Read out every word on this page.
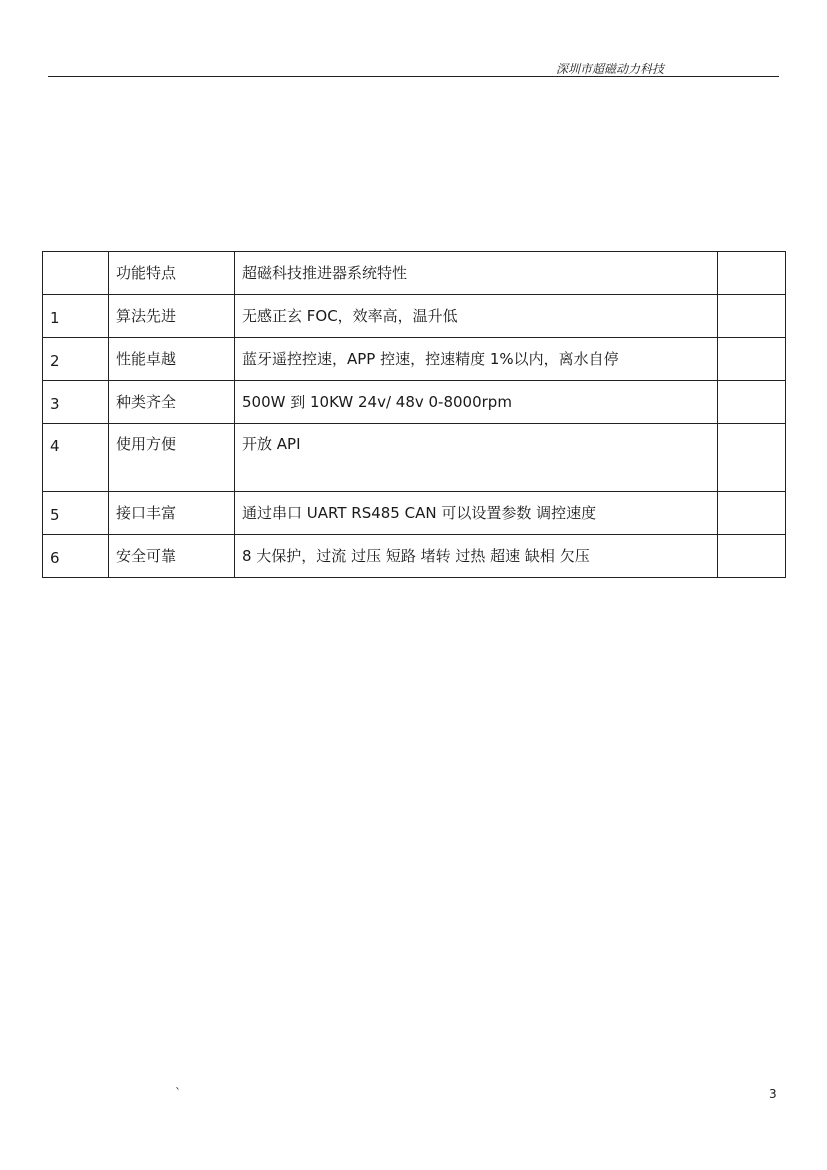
深圳市超磁动力科技
	功能特点	超磁科技推进器系统特性	
1	算法先进	无感正玄 FOC，效率高，温升低	
2	性能卓越	蓝牙遥控控速，APP 控速，控速精度 1%以内，离水自停	
3	种类齐全	500W 到 10KW 24v/ 48v 0-8000rpm	
4	使用方便	开放 API	
5	接口丰富	通过串口 UART RS485 CAN 可以设置参数 调控速度	
6	安全可靠	8 大保护，过流 过压 短路 堵转 过热 超速 缺相 欠压	
`	3
